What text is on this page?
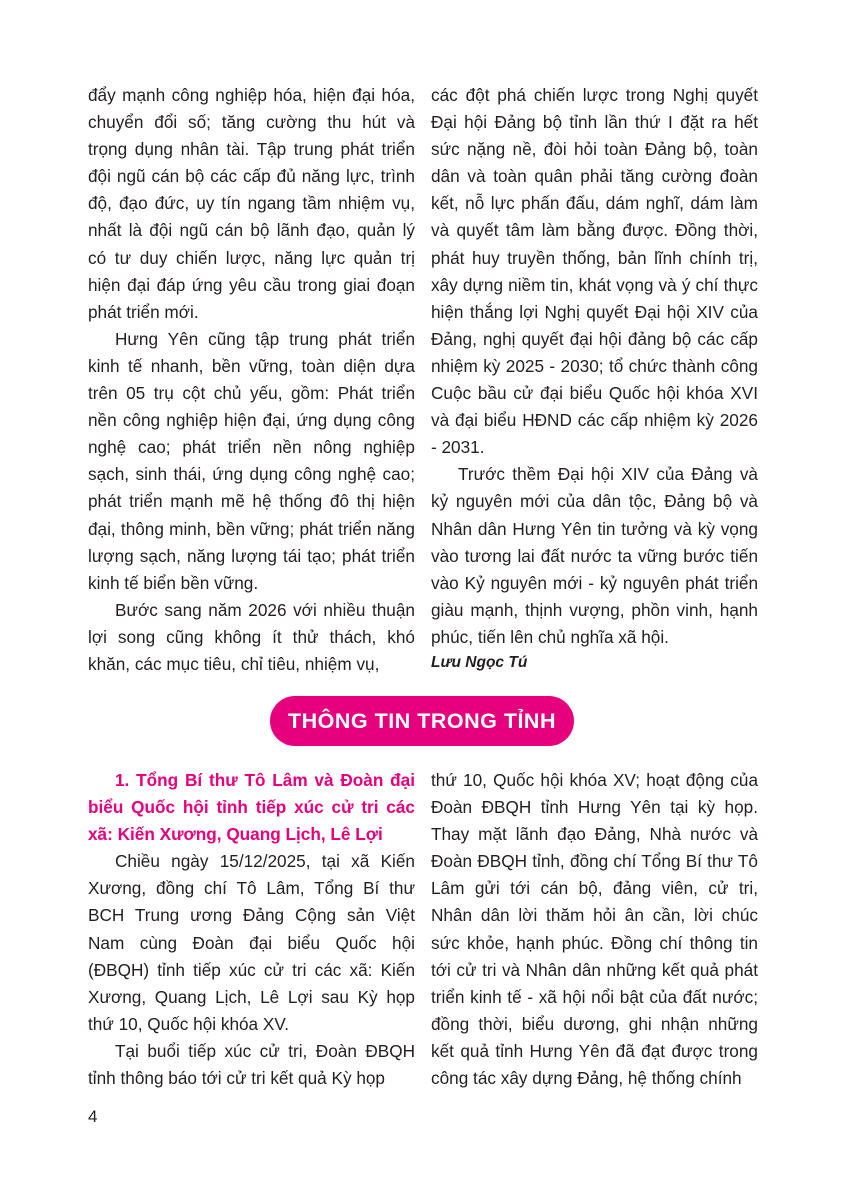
đẩy mạnh công nghiệp hóa, hiện đại hóa, chuyển đổi số; tăng cường thu hút và trọng dụng nhân tài. Tập trung phát triển đội ngũ cán bộ các cấp đủ năng lực, trình độ, đạo đức, uy tín ngang tầm nhiệm vụ, nhất là đội ngũ cán bộ lãnh đạo, quản lý có tư duy chiến lược, năng lực quản trị hiện đại đáp ứng yêu cầu trong giai đoạn phát triển mới.

Hưng Yên cũng tập trung phát triển kinh tế nhanh, bền vững, toàn diện dựa trên 05 trụ cột chủ yếu, gồm: Phát triển nền công nghiệp hiện đại, ứng dụng công nghệ cao; phát triển nền nông nghiệp sạch, sinh thái, ứng dụng công nghệ cao; phát triển mạnh mẽ hệ thống đô thị hiện đại, thông minh, bền vững; phát triển năng lượng sạch, năng lượng tái tạo; phát triển kinh tế biển bền vững.

Bước sang năm 2026 với nhiều thuận lợi song cũng không ít thử thách, khó khăn, các mục tiêu, chỉ tiêu, nhiệm vụ,

các đột phá chiến lược trong Nghị quyết Đại hội Đảng bộ tỉnh lần thứ I đặt ra hết sức nặng nề, đòi hỏi toàn Đảng bộ, toàn dân và toàn quân phải tăng cường đoàn kết, nỗ lực phấn đấu, dám nghĩ, dám làm và quyết tâm làm bằng được. Đồng thời, phát huy truyền thống, bản lĩnh chính trị, xây dựng niềm tin, khát vọng và ý chí thực hiện thắng lợi Nghị quyết Đại hội XIV của Đảng, nghị quyết đại hội đảng bộ các cấp nhiệm kỳ 2025 - 2030; tổ chức thành công Cuộc bầu cử đại biểu Quốc hội khóa XVI và đại biểu HĐND các cấp nhiệm kỳ 2026 - 2031.

Trước thềm Đại hội XIV của Đảng và kỷ nguyên mới của dân tộc, Đảng bộ và Nhân dân Hưng Yên tin tưởng và kỳ vọng vào tương lai đất nước ta vững bước tiến vào Kỷ nguyên mới - kỷ nguyên phát triển giàu mạnh, thịnh vượng, phồn vinh, hạnh phúc, tiến lên chủ nghĩa xã hội.

Lưu Ngọc Tú

THÔNG TIN TRONG TỈNH

1. Tổng Bí thư Tô Lâm và Đoàn đại biểu Quốc hội tỉnh tiếp xúc cử tri các xã: Kiến Xương, Quang Lịch, Lê Lợi

Chiều ngày 15/12/2025, tại xã Kiến Xương, đồng chí Tô Lâm, Tổng Bí thư BCH Trung ương Đảng Cộng sản Việt Nam cùng Đoàn đại biểu Quốc hội (ĐBQH) tỉnh tiếp xúc cử tri các xã: Kiến Xương, Quang Lịch, Lê Lợi sau Kỳ họp thứ 10, Quốc hội khóa XV.

Tại buổi tiếp xúc cử tri, Đoàn ĐBQH tỉnh thông báo tới cử tri kết quả Kỳ họp

thứ 10, Quốc hội khóa XV; hoạt động của Đoàn ĐBQH tỉnh Hưng Yên tại kỳ họp. Thay mặt lãnh đạo Đảng, Nhà nước và Đoàn ĐBQH tỉnh, đồng chí Tổng Bí thư Tô Lâm gửi tới cán bộ, đảng viên, cử tri, Nhân dân lời thăm hỏi ân cần, lời chúc sức khỏe, hạnh phúc. Đồng chí thông tin tới cử tri và Nhân dân những kết quả phát triển kinh tế - xã hội nổi bật của đất nước; đồng thời, biểu dương, ghi nhận những kết quả tỉnh Hưng Yên đã đạt được trong công tác xây dựng Đảng, hệ thống chính

4
